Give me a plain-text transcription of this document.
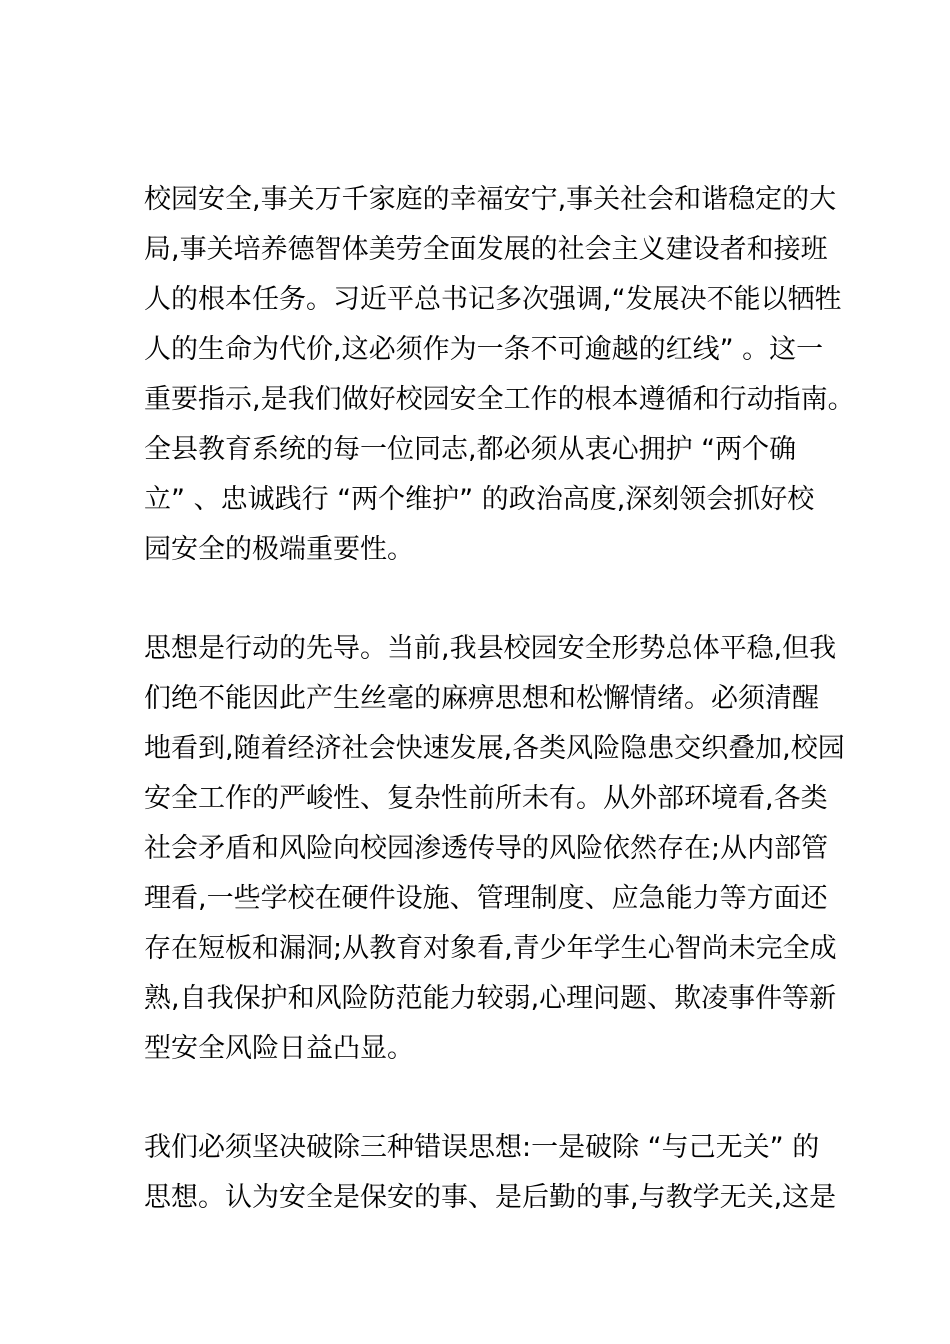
校园安全,事关万千家庭的幸福安宁,事关社会和谐稳定的大
局,事关培养德智体美劳全面发展的社会主义建设者和接班
人的根本任务。习近平总书记多次强调,“发展决不能以牺牲
人的生命为代价,这必须作为一条不可逾越的红线” 。这一
重要指示,是我们做好校园安全工作的根本遵循和行动指南。
全县教育系统的每一位同志,都必须从衷心拥护 “两个确
立” 、忠诚践行 “两个维护” 的政治高度,深刻领会抓好校
园安全的极端重要性。
思想是行动的先导。当前,我县校园安全形势总体平稳,但我
们绝不能因此产生丝毫的麻痹思想和松懈情绪。必须清醒
地看到,随着经济社会快速发展,各类风险隐患交织叠加,校园
安全工作的严峻性、复杂性前所未有。从外部环境看,各类
社会矛盾和风险向校园渗透传导的风险依然存在;从内部管
理看,一些学校在硬件设施、管理制度、应急能力等方面还
存在短板和漏洞;从教育对象看,青少年学生心智尚未完全成
熟,自我保护和风险防范能力较弱,心理问题、欺凌事件等新
型安全风险日益凸显。
我们必须坚决破除三种错误思想:一是破除 “与己无关” 的
思想。认为安全是保安的事、是后勤的事,与教学无关,这是
